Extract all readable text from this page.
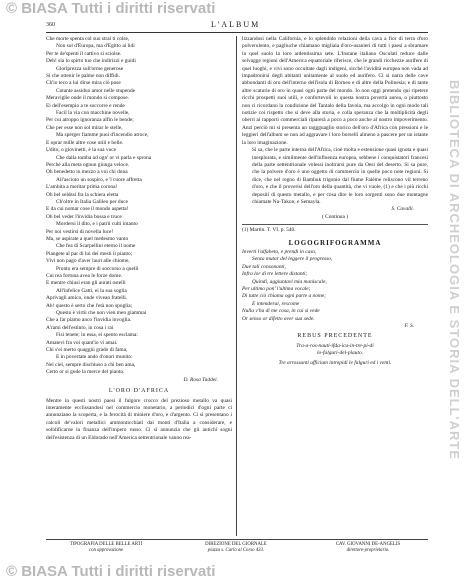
© BIASA Tutti i diritti riservati
BIBLIOTECA DI ARCHEOLOGIA E STORIA DELL'ARTE
360	L'ALBUM
Che morte spenta col suo strai ti colse,
Non sol d'Europa, ma d'Egitto ai lidi
Per te de'spenti il cattivo si sciolse.
Deh! sia lo spirto tuo che indirizzi e guidi
Gloriprezza sull'orme generose
Si che ottenir le palme non diffidi.
Ch'io teco a lui dirse mira ciò pose
Cotante assiduo amor nelle stupende
Meraviglie onde il mondo si compose.
Ei dell'esempio a te soccorre e rende
Facil la via con macchine novelle,
Per cui atroppo ignoranza alfin le bende;
Che per esse non sol mirar le stelle,
Ma sperger fiamme puoi d'incendio atroce,
E oprar mille altre cose utili e belle.
Udito, o giovinetti, è la sua voce
Che dalla tomba ad ogn' or vi parla e sprona
Perchè alla meta ognun giunga veloce.
Oh benedetto in mezzo a voi chi dona
All'ascioto un sospiro, e 'l cuore affretta
L'ambita a meritar prima corona!
Oh bel seldssi fra la schiera eletta
Ch'oltre in Italia Galileo per duce
E da cui nomar cose il mondo aspetta!
Oh bel veder l'invidia bossa e truce
Mordersi il dito, e i patrii culti intanto
Per noi vestirsi di novella luce!
Ma, se aspirate a quel medesmo vanto
Che fea di Scarpellini eterno il nome
Piangete al par di lui dei mesti il pianto;
Vivi non pago d'aver lauri alle chiome,
Pronto era sempre di soccorso a quelli
Cui rea fortuna avea le forze dome.
E mentre chiusi eran gli aurati ostelli
All'infelice Gatti, ei la sua soglia
Aprivagli amico, onde vivean fratelli.
Ah! questo è serto che l'età non spoglia;
Questo è virtù che non vien men giammai
Che a far piamo anco l'invidia invoglia.
A'rami dell'estinto, in cosa i rai
Fisi tenete; in essa, ei spento esclama:
Amatevi fra voi quant'io vi amai.
Chi s'ei merto quaggiù grado di fama,
E in povertate ando d'onori munito:
Nel ciel, sempre dischiuso a chi ben ama,
Certo or si gode la merce del pianto.
D. Rosa Taddei.
L'ORO D'AFRICA
Mentre in questi nostri paesi il fulgore crocco del prezioso metallo va quasi interamente ecclissandosi nel commercio monetario, a periodici d'ogni parte ci annunziano la scoperta, e la ferocità di miniere d'oro, e d'argento. Ci si presentano i calcoli de'valori metallici ammonticchiati dai monti d'Italia a considerare, e solidificarne la finanza dell'impero russo. Ci si annunzia che gli antichi sogni dell'esistenza di un Eldorado nell'America settentrionale vanno rea-
lizzandosi nella California, e lo splendido relazioni della cava a fior di terra d'oro polverulento, e pagliuche chiamano migliaia d'oro-usanieri di tutti i paesi a sbramare in quel suolo la loro ardentissima sete. L'Instane italiano Osculati reduce dalle selvagge regioni dell'America equatoriale riferisce, che le grandi ricchezze aurifere di quei luoghi, e vivi sono occultate dagli indigeni, sicchè l'avidità europea non vada ad impadronirsi degli abitanti unitamente al suolo ed aurifero. Ci si narra delle cave abbondanti di oro dell'interno dell'isola di Borneo e di altre della Polinesia; e di tante altre scaturie di oro in quasi ogni parte del mondo. Io non oggi pretendo qui ripetere ricchi prospetti suoi utili, e confortevoli in questa nostra povertà aurea, o piuttosto non ci ricordano la condizione del Tantalo della favola, ma accolgo in ogni modo tali notizie coi rispetto che si deve alla storia, e colla speranza che la moltiplicità degli oberri ai rapporti commerciali riparerà a poco a poco anche al nostro impoverimento. Anzi perciò mi si presenta un raggguaglio storico dell'oro d'Africa con pressioni e le leggieri dell'album se non ad aggravare i loro borselli almeno a pascere per un istante la loro imaginazione.
Si sa, che le parte interna dell'Africa, cioè molta e estensione quasi ignota e quasi inesplorata, e similmente dell'influenza europea, sebbene i conquistatori francesi della parte settentrionale volessi inoltrarsi pure da Oesi del deserto. Si sa pure, che la polvere d'oro è uno oggetto di commercio in quelle poco note regioni. Si dice, che nel regno di Bambuk trigonio dal fiume Falème reliscono vil terreno d'oro, e che il proverisi dell'oro della quantità, che vi vuole, (1) e che i più ricchi depositi di questo metallo, e per cosa dire le loro sorgenti sono due montagne chiamate Na-Takon, e Semayla.
S. Cavalli.
( Continua )
(1) Martin. T. VI. p. 540.
LOGOGRIFOGRAMMA
Inverti l'alfabeto, e prendi in caso,
Senza mutar del leggere il progresso,
Due tali consonanti,
Infra lor di tre lettere distanti;
Quindi, aggiuntavi mia maniscale,
Per ultimo pon' l'ultima vocale;
Di tutte ciò chiama ogni parte a nome;
E intenderai, rescome
Nulla v'ha di me cosa, in cui si vede
Or senso or difetto aver sua sede.
F. S.
REBUS PRECEDENTE
Tra-a-ros-nauti-ifda-ica-in-tre-pi-di
lo-falguri-del-plauto.
Tre arrossanti ufficiam intrepidi le falguri ed i venti.
TIPOGRAFIA DELLE BELLE ARTI
con approvazione
DIREZIONE DEL GIORNALE
piazza s. Carlo al Corso 433.
CAV. GIOVANNI DE-ANGELIS
direttore-proprietario.
© BIASA Tutti i diritti riservati
